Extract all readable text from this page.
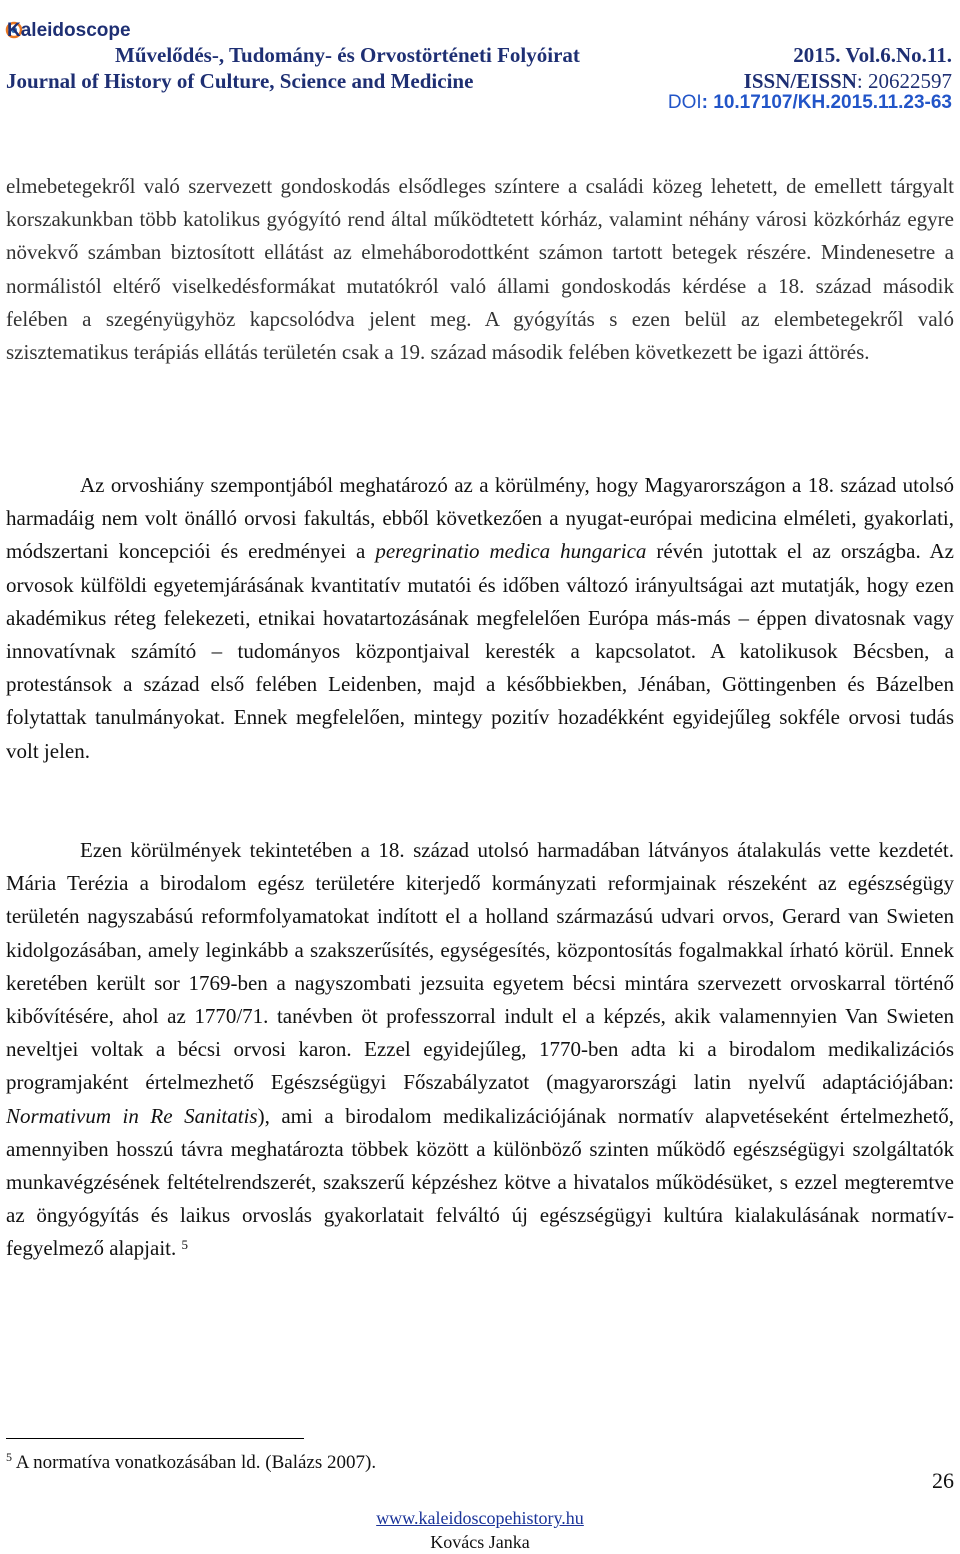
Kaleidoscope
Művelődés-, Tudomány- és Orvostörténeti Folyóirat
Journal of History of Culture, Science and Medicine
2015. Vol.6.No.11.
ISSN/EISSN: 20622597
DOI: 10.17107/KH.2015.11.23-63

elmebetegekről való szervezett gondoskodás elsődleges színtere a családi közeg lehetett, de emellett tárgyalt korszakunkban több katolikus gyógyító rend által működtetett kórház, valamint néhány városi közkórház egyre növekvő számban biztosított ellátást az elmeháborodottként számon tartott betegek részére. Mindenesetre a normálistól eltérő viselkedésformákat mutatókról való állami gondoskodás kérdése a 18. század második felében a szegényügyhöz kapcsolódva jelent meg. A gyógyítás s ezen belül az elembetegekről való szisztematikus terápiás ellátás területén csak a 19. század második felében következett be igazi áttörés.

Az orvoshiány szempontjából meghatározó az a körülmény, hogy Magyarországon a 18. század utolsó harmadáig nem volt önálló orvosi fakultás, ebből következően a nyugat-európai medicina elméleti, gyakorlati, módszertani koncepciói és eredményei a peregrinatio medica hungarica révén jutottak el az országba. Az orvosok külföldi egyetemjárásának kvantitatív mutatói és időben változó irányultságai azt mutatják, hogy ezen akadémikus réteg felekezeti, etnikai hovatartozásának megfelelően Európa más-más – éppen divatosnak vagy innovatívnak számító – tudományos központjaival keresték a kapcsolatot. A katolikusok Bécsben, a protestánsok a század első felében Leidenben, majd a későbbiekben, Jénában, Göttingenben és Bázelben folytattak tanulmányokat. Ennek megfelelően, mintegy pozitív hozadékként egyidejűleg sokféle orvosi tudás volt jelen.

Ezen körülmények tekintetében a 18. század utolsó harmadában látványos átalakulás vette kezdetét. Mária Terézia a birodalom egész területére kiterjedő kormányzati reformjainak részeként az egészségügy területén nagyszabású reformfolyamatokat indított el a holland származású udvari orvos, Gerard van Swieten kidolgozásában, amely leginkább a szakszerűsítés, egységesítés, központosítás fogalmakkal írható körül. Ennek keretében került sor 1769-ben a nagyszombati jezsuita egyetem bécsi mintára szervezett orvoskarral történő kibővítésére, ahol az 1770/71. tanévben öt professzorral indult el a képzés, akik valamennyien Van Swieten neveltjei voltak a bécsi orvosi karon. Ezzel egyidejűleg, 1770-ben adta ki a birodalom medikalizációs programjaként értelmezhető Egészségügyi Főszabályzatot (magyarországi latin nyelvű adaptációjában: Normativum in Re Sanitatis), ami a birodalom medikalizációjának normatív alapvetéseként értelmezhető, amennyiben hosszú távra meghatározta többek között a különböző szinten működő egészségügyi szolgáltatók munkavégzésének feltételrendszerét, szakszerű képzéshez kötve a hivatalos működésüket, s ezzel megteremtve az öngyógyítás és laikus orvoslás gyakorlatait felváltó új egészségügyi kultúra kialakulásának normatív-fegyelmező alapjait. $^5$

$^5$ A normatíva vonatkozásában ld. (Balázs 2007).
26
www.kaleidoscopehistory.hu
Kovács Janka
